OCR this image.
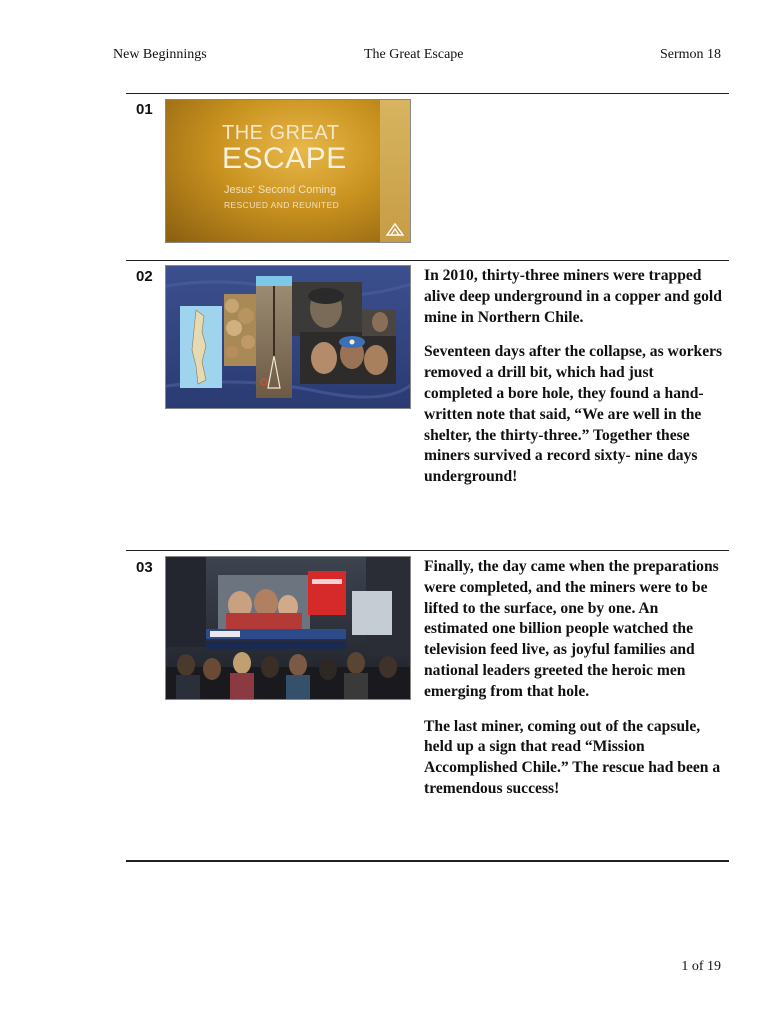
New Beginnings	The Great Escape	Sermon 18
01
THE GREAT
ESCAPE
Jesus' Second Coming
RESCUED AND REUNITED
02	In 2010, thirty-three miners were trapped alive deep underground in a copper and gold mine in Northern Chile.

Seventeen days after the collapse, as workers removed a drill bit, which had just completed a bore hole, they found a hand-written note that said, “We are well in the shelter, the thirty-three.” Together these miners survived a record sixty- nine days underground!

03	Finally, the day came when the preparations were completed, and the miners were to be lifted to the surface, one by one. An estimated one billion people watched the television feed live, as joyful families and national leaders greeted the heroic men emerging from that hole.

The last miner, coming out of the capsule, held up a sign that read “Mission Accomplished Chile.” The rescue had been a tremendous success!

1 of 19
